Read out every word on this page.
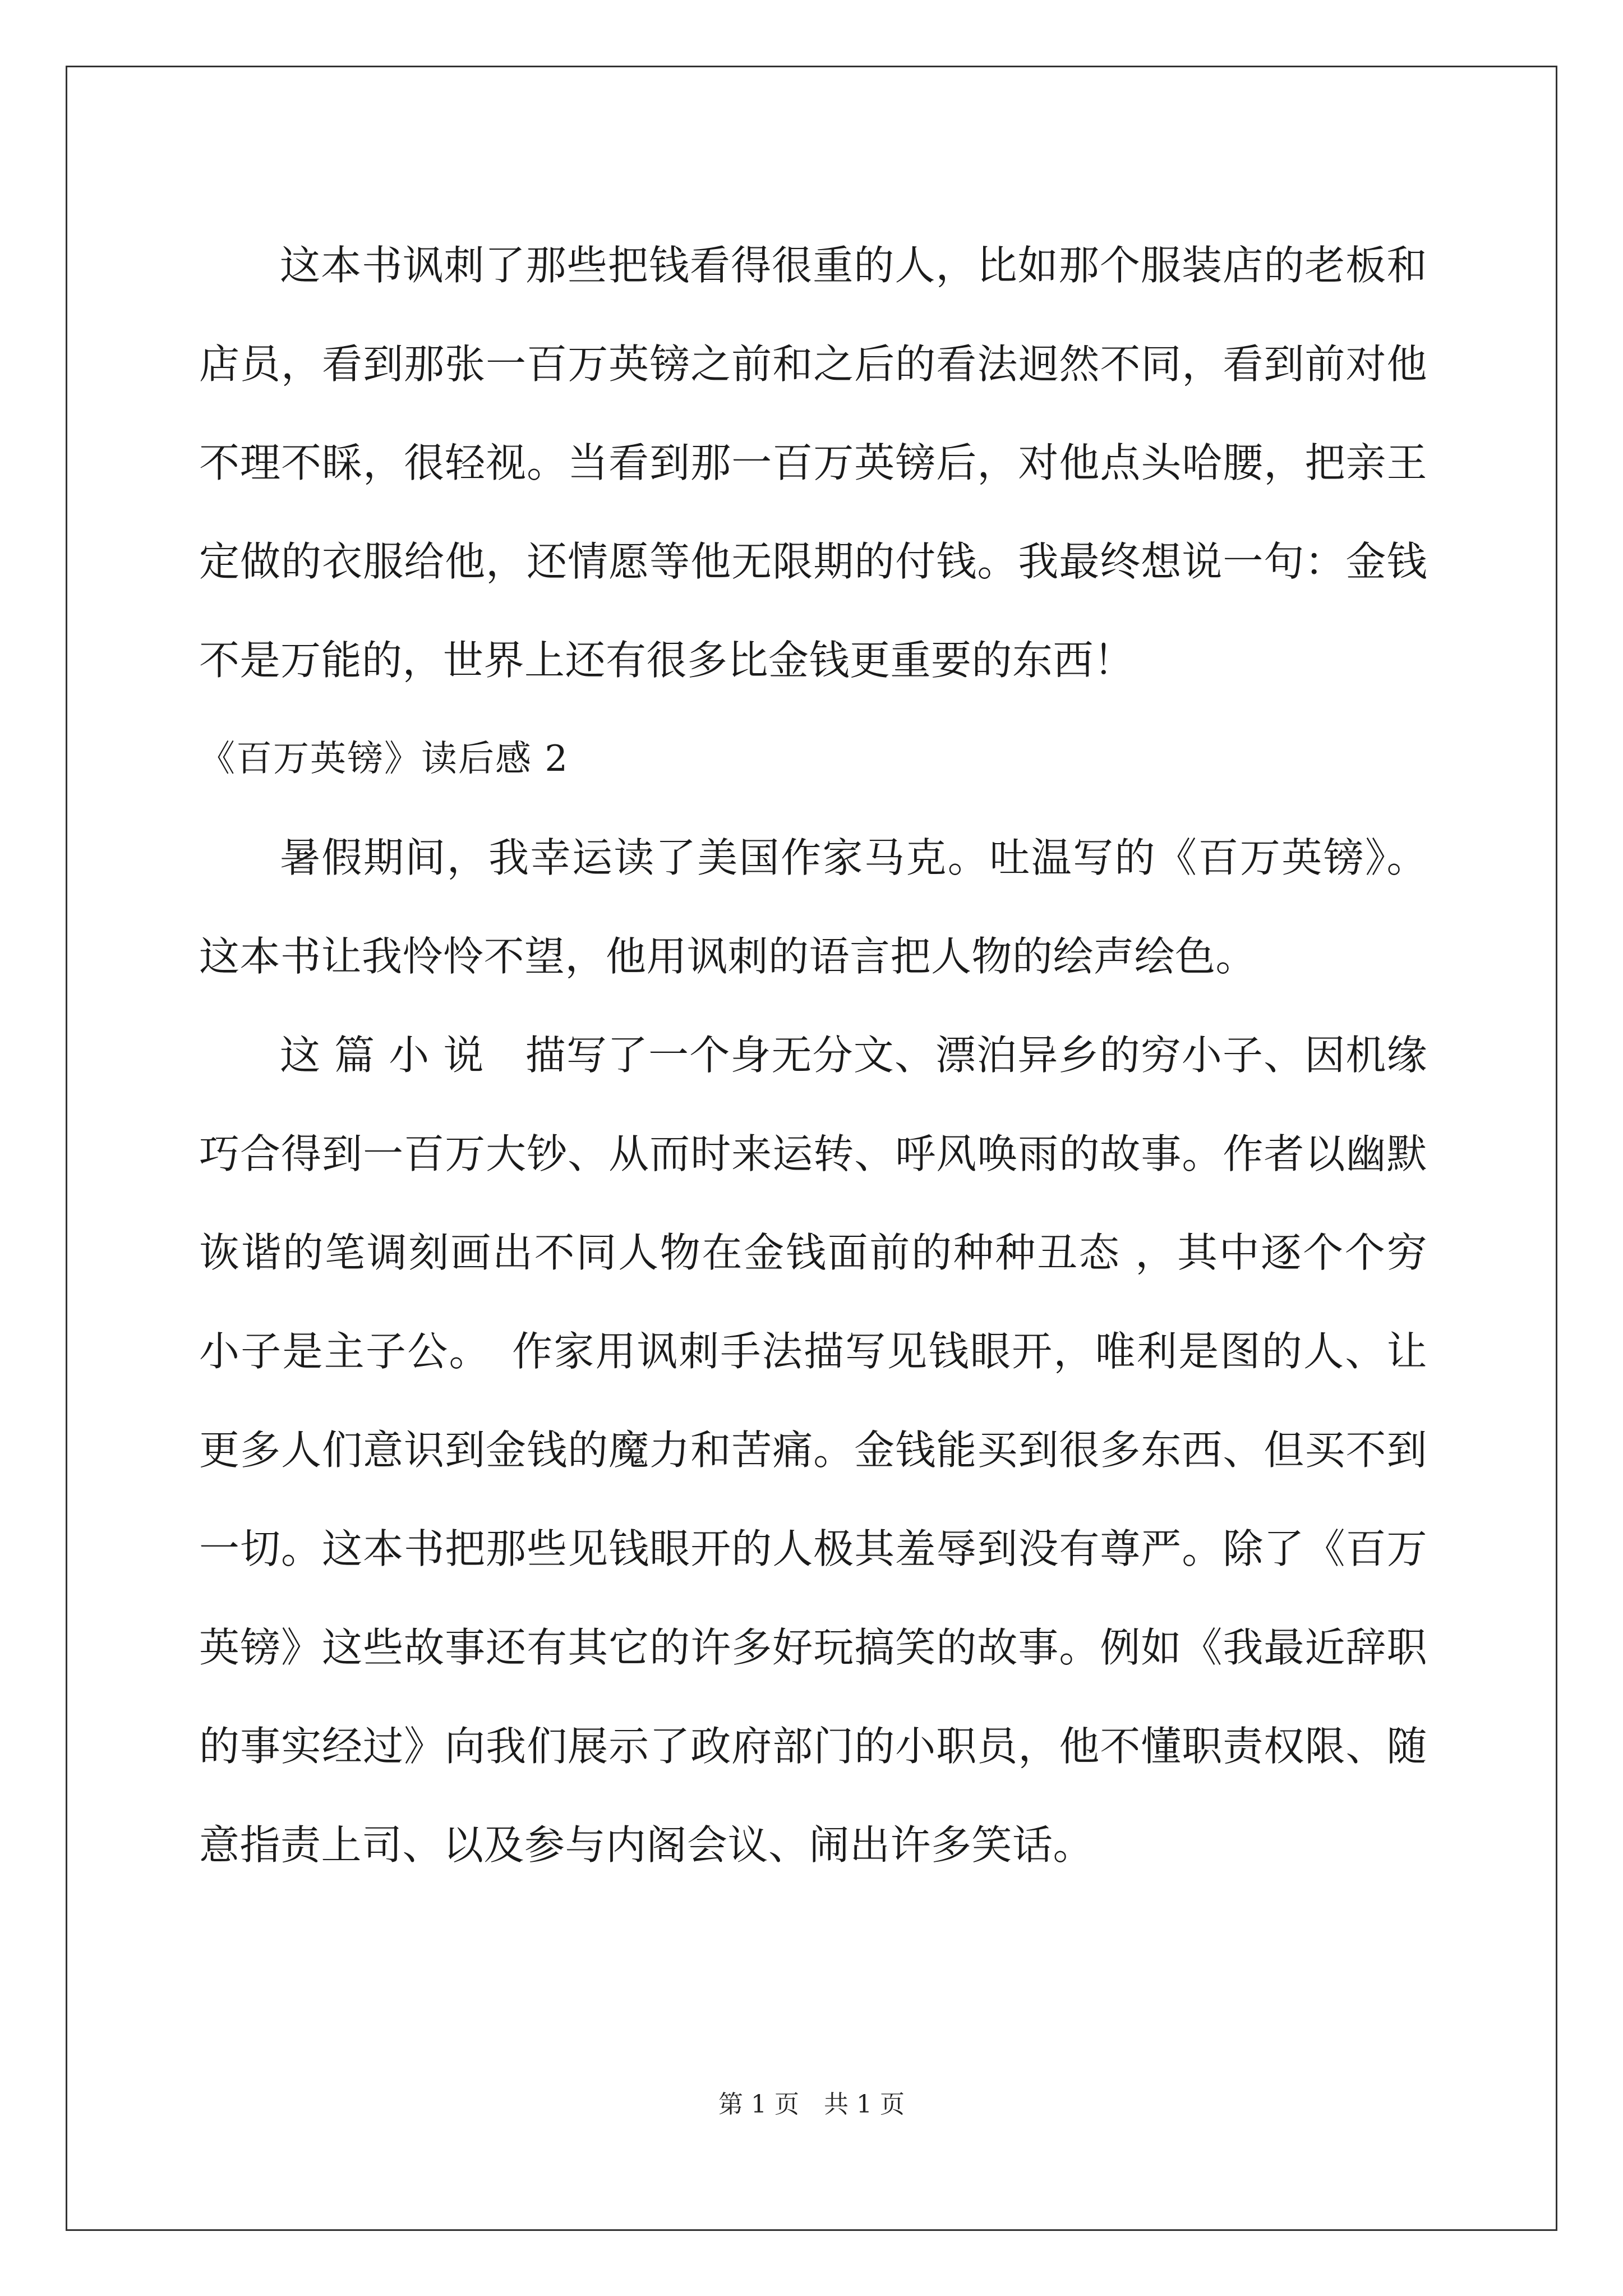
这本书讽刺了那些把钱看得很重的人，比如那个服装店的老板和店员，看到那张一百万英镑之前和之后的看法迥然不同，看到前对他不理不睬，很轻视。当看到那一百万英镑后，对他点头哈腰，把亲王定做的衣服给他，还情愿等他无限期的付钱。我最终想说一句：金钱不是万能的，世界上还有很多比金钱更重要的东西！

《百万英镑》读后感 2

暑假期间，我幸运读了美国作家马克。吐温写的《百万英镑》。这本书让我怜怜不望，他用讽刺的语言把人物的绘声绘色。

这 篇 小 说　描写了一个身无分文、漂泊异乡的穷小子、因机缘巧合得到一百万大钞、从而时来运转、呼风唤雨的故事。作者以幽默诙谐的笔调刻画出不同人物在金钱面前的种种丑态 ，其中逐个个穷小子是主子公。　作家用讽刺手法描写见钱眼开，唯利是图的人、让更多人们意识到金钱的魔力和苦痛。金钱能买到很多东西、但买不到一切。这本书把那些见钱眼开的人极其羞辱到没有尊严。除了《百万英镑》这些故事还有其它的许多好玩搞笑的故事。例如《我最近辞职的事实经过》向我们展示了政府部门的小职员，他不懂职责权限、随意指责上司、以及参与内阁会议、闹出许多笑话。

第 1 页　共 1 页
